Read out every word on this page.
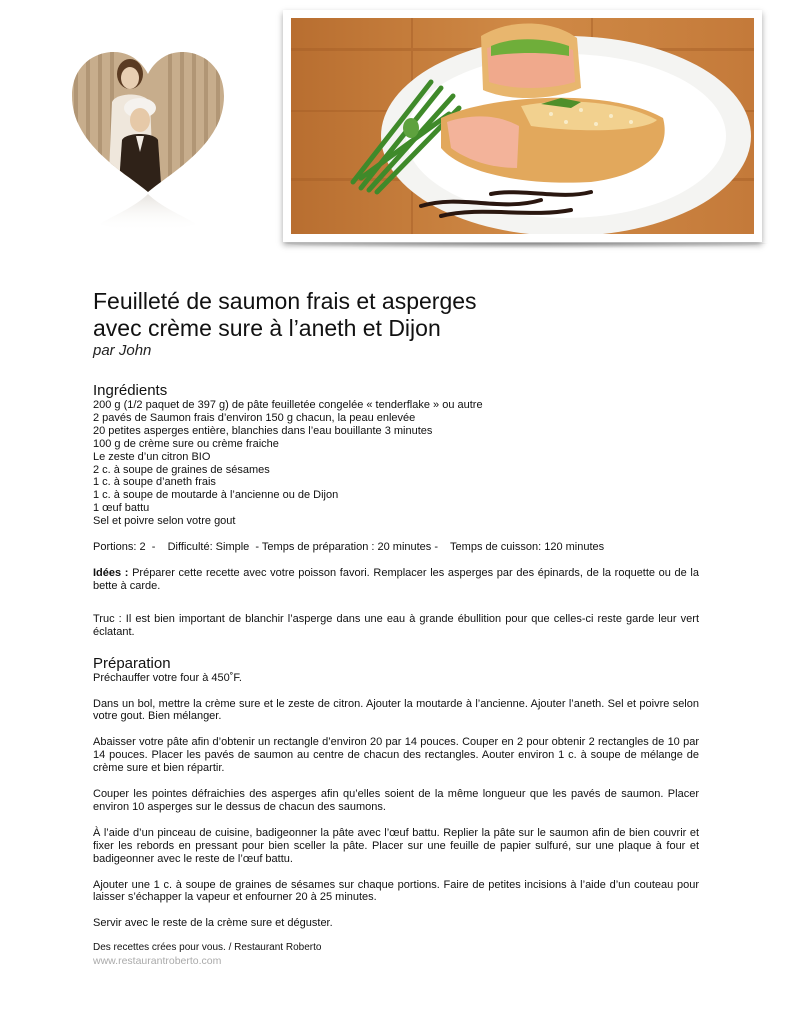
Feuilleté de saumon frais et asperges
avec crème sure à l’aneth et Dijon

par John

Ingrédients

200 g (1/2 paquet de 397 g) de pâte feuilletée congelée « tenderflake » ou autre

2 pavés de Saumon frais d’environ 150 g chacun, la peau enlevée

20 petites asperges entière, blanchies dans l’eau bouillante 3 minutes

100 g de crème sure ou crème fraiche

Le zeste d’un citron BIO

2 c. à soupe de graines de sésames

1 c. à soupe d’aneth frais

1 c. à soupe de moutarde à l’ancienne ou de Dijon

1 œuf battu

Sel et poivre selon votre gout

Portions: 2  -    Difficulté: Simple  - Temps de préparation : 20 minutes -    Temps de cuisson: 120 minutes

Idées : Préparer cette recette avec votre poisson favori. Remplacer les asperges par des épinards, de la roquette ou de la bette à carde.

Truc : Il est bien important de blanchir l’asperge dans une eau à grande ébullition pour que celles-ci reste garde leur vert éclatant.

Préparation

Préchauffer votre four à 450˚F.

Dans un bol, mettre la crème sure et le zeste de citron. Ajouter la moutarde à l’ancienne. Ajouter l’aneth. Sel et poivre selon votre gout. Bien mélanger.

Abaisser votre pâte afin d’obtenir un rectangle d’environ 20 par 14 pouces. Couper en 2 pour obtenir 2 rectangles de 10 par 14 pouces. Placer les pavés de saumon au centre de chacun des rectangles. Aouter environ 1 c. à soupe de mélange de crème sure et bien répartir.

Couper les pointes défraichies des asperges afin qu’elles soient de la même longueur que les pavés de saumon. Placer environ 10 asperges sur le dessus de chacun des saumons.

À l’aide d’un pinceau de cuisine, badigeonner la pâte avec l’œuf battu. Replier la pâte sur le saumon afin de bien couvrir et fixer les rebords en pressant pour bien sceller la pâte. Placer sur une feuille de papier sulfuré, sur une plaque à four et badigeonner avec le reste de l’œuf battu.

Ajouter une 1 c. à soupe de graines de sésames sur chaque portions. Faire de petites incisions à l’aide d’un couteau pour laisser s’échapper la vapeur et enfourner 20 à 25 minutes.

Servir avec le reste de la crème sure et déguster.

Des recettes crées pour vous. / Restaurant Roberto
www.restaurantroberto.com
